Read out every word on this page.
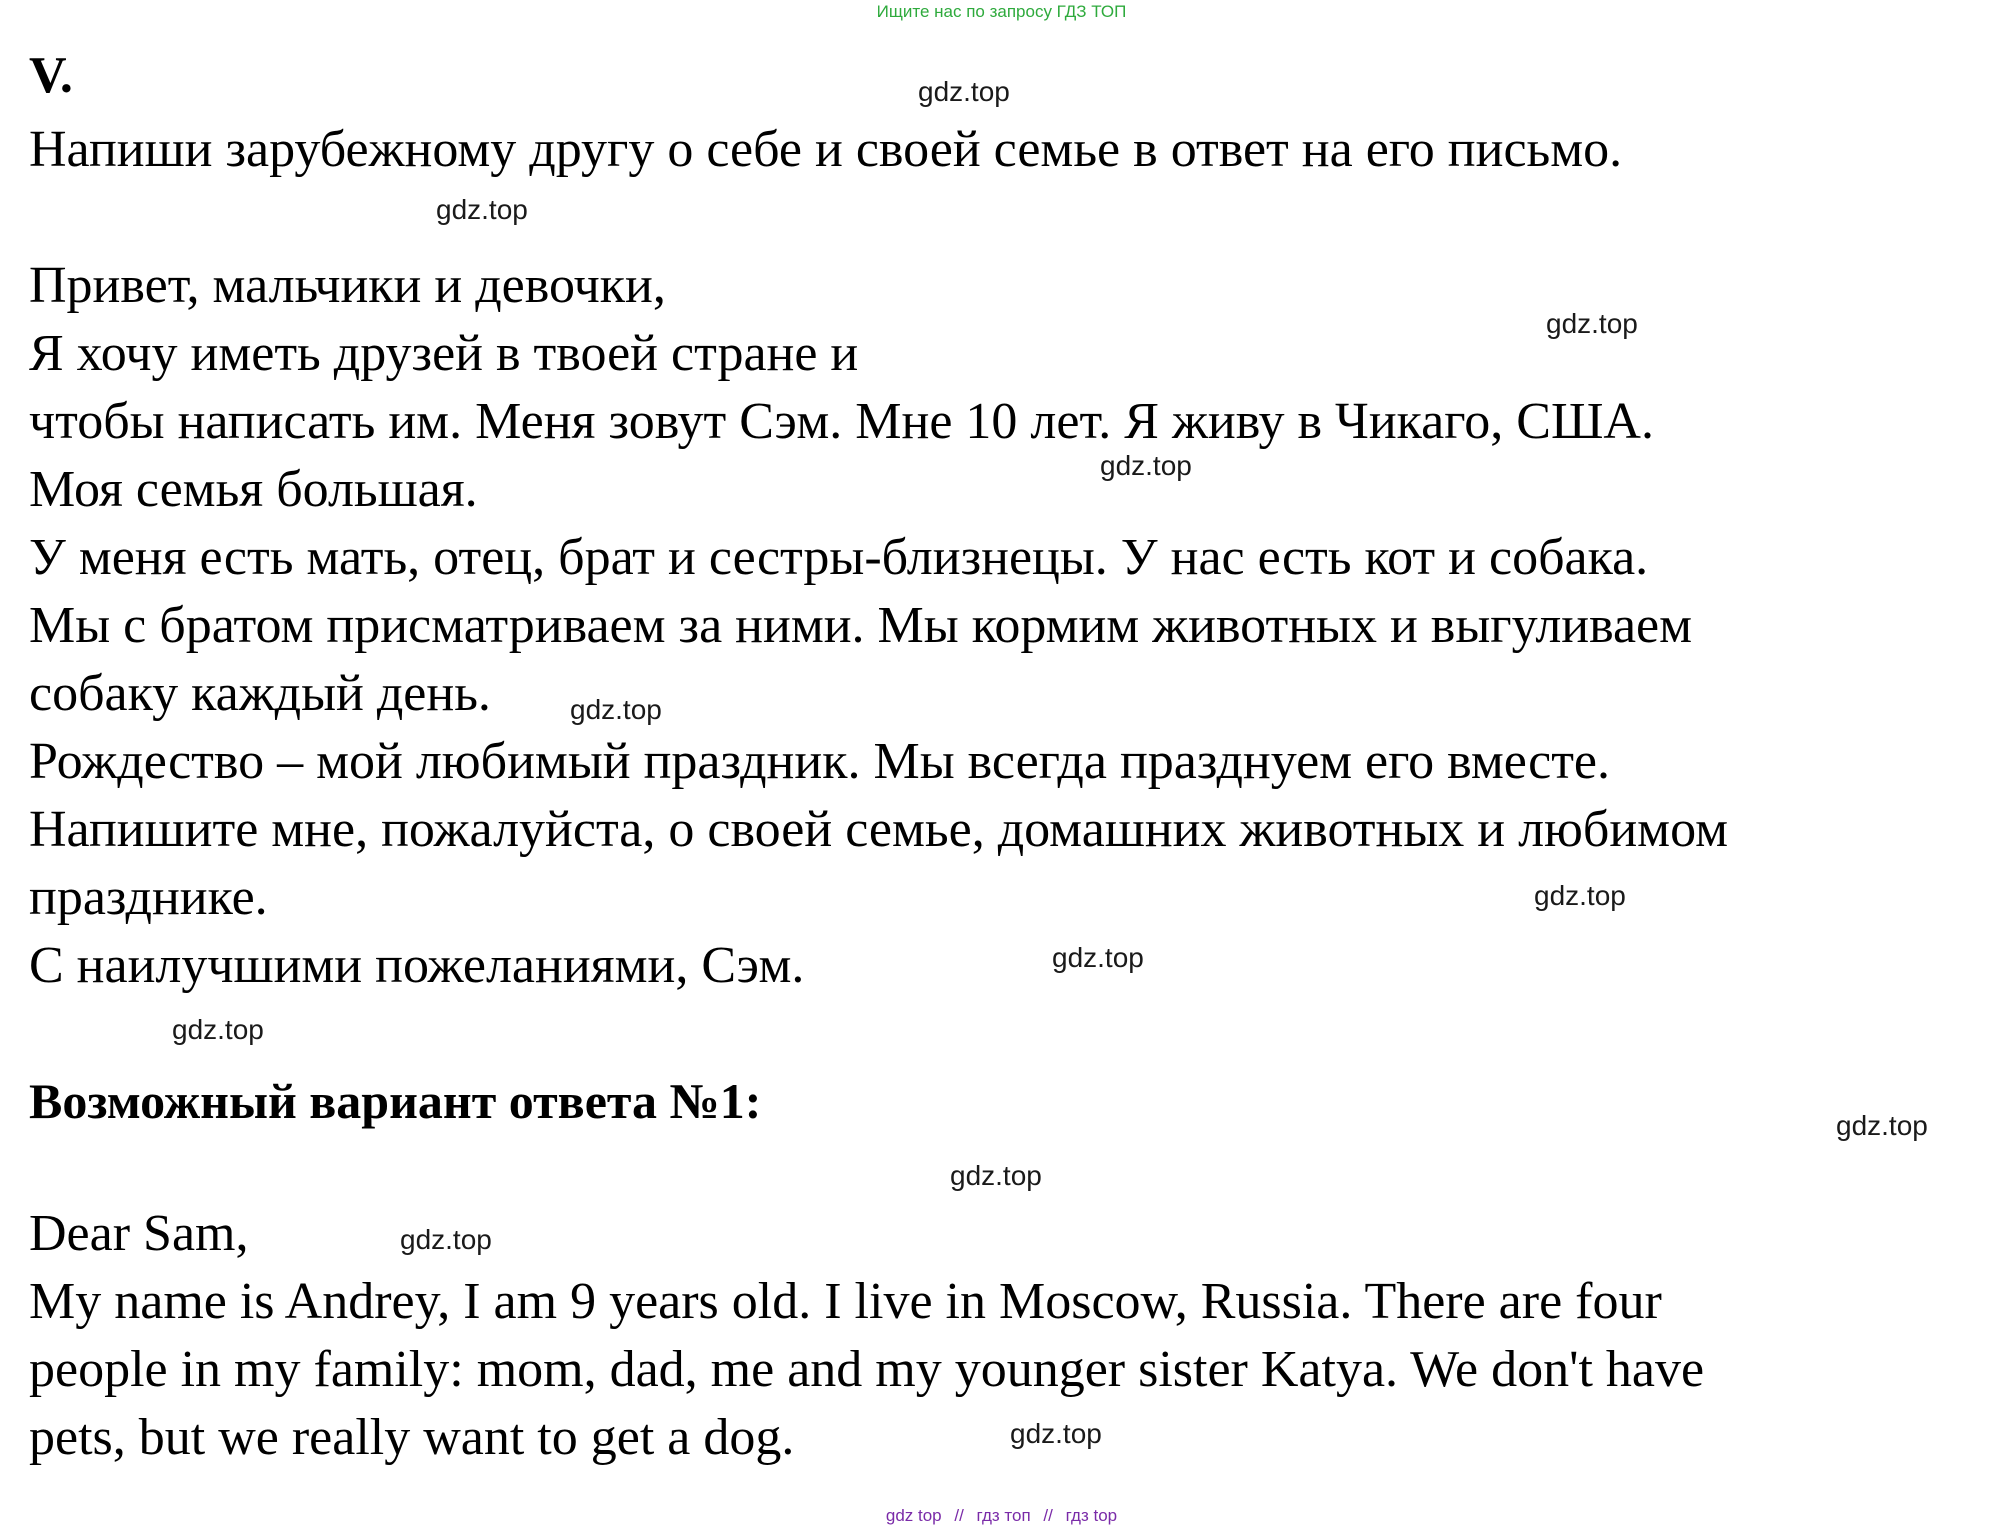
Ищите нас по запросу ГДЗ ТОП
V.
Напиши зарубежному другу о себе и своей семье в ответ на его письмо.
Привет, мальчики и девочки,
Я хочу иметь друзей в твоей стране и
чтобы написать им. Меня зовут Сэм. Мне 10 лет. Я живу в Чикаго, США.
Моя семья большая.
У меня есть мать, отец, брат и сестры-близнецы. У нас есть кот и собака.
Мы с братом присматриваем за ними. Мы кормим животных и выгуливаем
собаку каждый день.
Рождество – мой любимый праздник. Мы всегда празднуем его вместе.
Напишите мне, пожалуйста, о своей семье, домашних животных и любимом
празднике.
С наилучшими пожеланиями, Сэм.
Возможный вариант ответа №1:
Dear Sam,
My name is Andrey, I am 9 years old. I live in Moscow, Russia. There are four
people in my family: mom, dad, me and my younger sister Katya. We don't have
pets, but we really want to get a dog.
gdz.top
gdz.top
gdz.top
gdz.top
gdz.top
gdz.top
gdz.top
gdz.top
gdz.top
gdz.top
gdz.top
gdz.top
gdz top // гдз топ // гдз top
